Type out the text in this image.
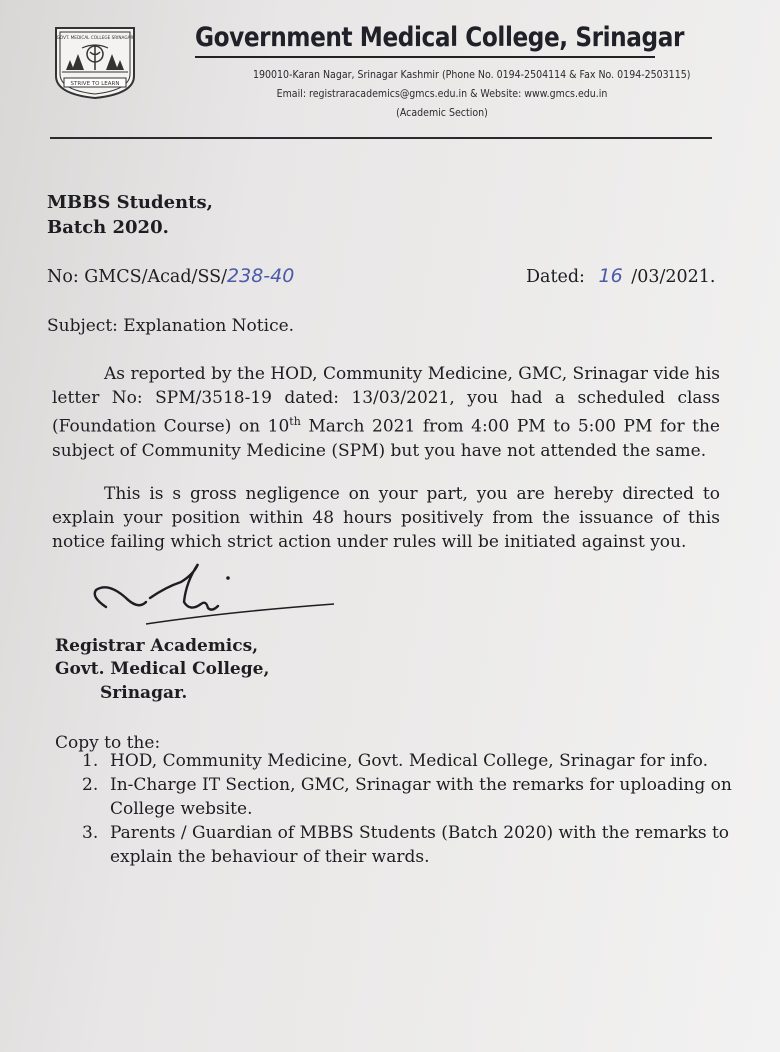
GOVT. MEDICAL COLLEGE SRINAGAR
STRIVE TO LEARN
Government Medical College, Srinagar
190010-Karan Nagar, Srinagar Kashmir (Phone No. 0194-2504114 & Fax No. 0194-2503115)
Email: registraracademics@gmcs.edu.in & Website: www.gmcs.edu.in
(Academic Section)
MBBS Students,
Batch 2020.
No: GMCS/Acad/SS/238-40	Dated: 16 /03/2021.
Subject: Explanation Notice.
As reported by the HOD, Community Medicine, GMC, Srinagar vide his letter No: SPM/3518-19 dated: 13/03/2021, you had a scheduled class (Foundation Course) on 10th March 2021 from 4:00 PM to 5:00 PM for the subject of Community Medicine (SPM) but you have not attended the same.
This is s gross negligence on your part, you are hereby directed to explain your position within 48 hours positively from the issuance of this notice failing which strict action under rules will be initiated against you.
Registrar Academics,
Govt. Medical College,
Srinagar.
Copy to the:
1. HOD, Community Medicine, Govt. Medical College, Srinagar for info.
2. In-Charge IT Section, GMC, Srinagar with the remarks for uploading on College website.
3. Parents / Guardian of MBBS Students (Batch 2020) with the remarks to explain the behaviour of their wards.
